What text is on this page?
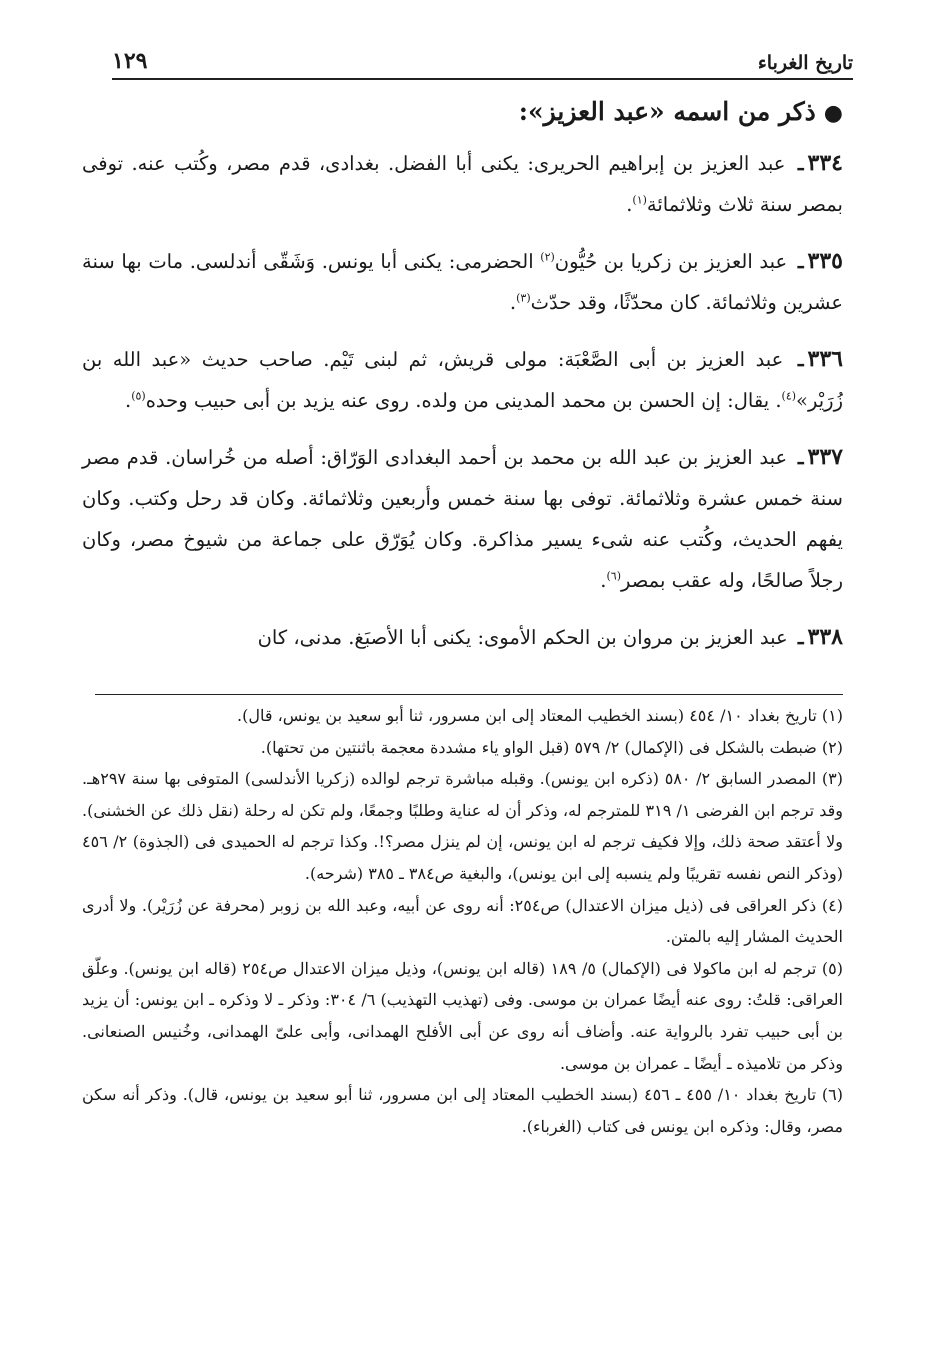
تاريخ الغرباء
١٢٩
●ذكر من اسمه «عبد العزيز»:

٣٣٤ـ عبد العزيز بن إبراهيم الحريرى: يكنى أبا الفضل. بغدادى، قدم مصر، وكُتب عنه. توفى بمصر سنة ثلاث وثلاثمائة$^{(١)}$.

٣٣٥ـ عبد العزيز بن زكريا بن حُيُّون$^{(٢)}$ الحضرمى: يكنى أبا يونس. وَشَقّى أندلسى. مات بها سنة عشرين وثلاثمائة. كان محدّثًا، وقد حدّث$^{(٣)}$.

٣٣٦ـ عبد العزيز بن أبى الصَّعْبَة: مولى قريش، ثم لبنى تَيْم. صاحب حديث «عبد الله بن زُرَيْر»$^{(٤)}$. يقال: إن الحسن بن محمد المدينى من ولده. روى عنه يزيد بن أبى حبيب وحده$^{(٥)}$.

٣٣٧ـ عبد العزيز بن عبد الله بن محمد بن أحمد البغدادى الوَرّاق: أصله من خُراسان. قدم مصر سنة خمس عشرة وثلاثمائة. توفى بها سنة خمس وأربعين وثلاثمائة. وكان قد رحل وكتب. وكان يفهم الحديث، وكُتب عنه شىء يسير مذاكرة. وكان يُوَرّق على جماعة من شيوخ مصر، وكان رجلاً صالحًا، وله عقب بمصر$^{(٦)}$.

٣٣٨ـ عبد العزيز بن مروان بن الحكم الأموى: يكنى أبا الأصبَغ. مدنى، كان

(١) تاريخ بغداد ١٠/ ٤٥٤ (بسند الخطيب المعتاد إلى ابن مسرور، ثنا أبو سعيد بن يونس، قال).

(٢) ضبطت بالشكل فى (الإكمال) ٢/ ٥٧٩ (قبل الواو ياء مشددة معجمة باثنتين من تحتها).

(٣) المصدر السابق ٢/ ٥٨٠ (ذكره ابن يونس). وقبله مباشرة ترجم لوالده (زكريا الأندلسى) المتوفى بها سنة ٢٩٧هـ. وقد ترجم ابن الفرضى ١/ ٣١٩ للمترجم له، وذكر أن له عناية وطلبًا وجمعًا، ولم تكن له رحلة (نقل ذلك عن الخشنى). ولا أعتقد صحة ذلك، وإلا فكيف ترجم له ابن يونس، إن لم ينزل مصر؟!. وكذا ترجم له الحميدى فى (الجذوة) ٢/ ٤٥٦ (وذكر النص نفسه تقريبًا ولم ينسبه إلى ابن يونس)، والبغية ص٣٨٤ ـ ٣٨٥ (شرحه).

(٤) ذكر العراقى فى (ذيل ميزان الاعتدال) ص٢٥٤: أنه روى عن أبيه، وعبد الله بن زوبر (محرفة عن زُرَيْر). ولا أدرى الحديث المشار إليه بالمتن.

(٥) ترجم له ابن ماكولا فى (الإكمال) ٥/ ١٨٩ (قاله ابن يونس)، وذيل ميزان الاعتدال ص٢٥٤ (قاله ابن يونس). وعلّق العراقى: قلتُ: روى عنه أيضًا عمران بن موسى. وفى (تهذيب التهذيب) ٦/ ٣٠٤: وذكر ـ لا وذكره ـ ابن يونس: أن يزيد بن أبى حبيب تفرد بالرواية عنه. وأضاف أنه روى عن أبى الأفلح الهمدانى، وأبى علىّ الهمدانى، وخُنيس الصنعانى. وذكر من تلاميذه ـ أيضًا ـ عمران بن موسى.

(٦) تاريخ بغداد ١٠/ ٤٥٥ ـ ٤٥٦ (بسند الخطيب المعتاد إلى ابن مسرور، ثنا أبو سعيد بن يونس، قال). وذكر أنه سكن مصر، وقال: وذكره ابن يونس فى كتاب (الغرباء).
